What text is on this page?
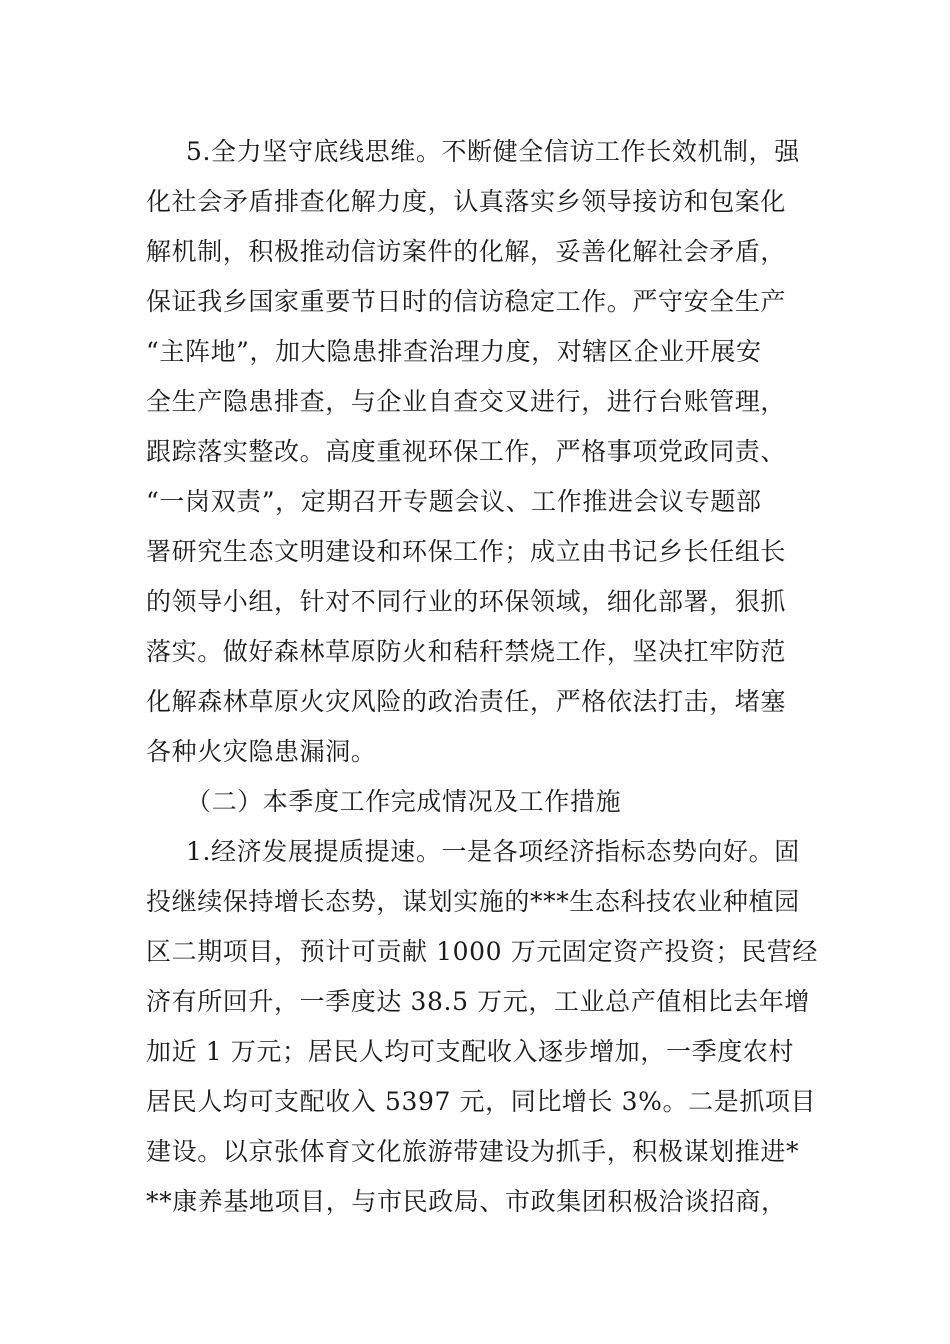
5.全力坚守底线思维。不断健全信访工作长效机制，强
化社会矛盾排查化解力度，认真落实乡领导接访和包案化
解机制，积极推动信访案件的化解，妥善化解社会矛盾，
保证我乡国家重要节日时的信访稳定工作。严守安全生产
“主阵地”，加大隐患排查治理力度，对辖区企业开展安
全生产隐患排查，与企业自查交叉进行，进行台账管理，
跟踪落实整改。高度重视环保工作，严格事项党政同责、
“一岗双责”，定期召开专题会议、工作推进会议专题部
署研究生态文明建设和环保工作；成立由书记乡长任组长
的领导小组，针对不同行业的环保领域，细化部署，狠抓
落实。做好森林草原防火和秸秆禁烧工作，坚决扛牢防范
化解森林草原火灾风险的政治责任，严格依法打击，堵塞
各种火灾隐患漏洞。
（二）本季度工作完成情况及工作措施
1.经济发展提质提速。一是各项经济指标态势向好。固
投继续保持增长态势，谋划实施的***生态科技农业种植园
区二期项目，预计可贡献 1000 万元固定资产投资；民营经
济有所回升，一季度达 38.5 万元，工业总产值相比去年增
加近 1 万元；居民人均可支配收入逐步增加，一季度农村
居民人均可支配收入 5397 元，同比增长 3%。二是抓项目
建设。以京张体育文化旅游带建设为抓手，积极谋划推进*
**康养基地项目，与市民政局、市政集团积极洽谈招商，
